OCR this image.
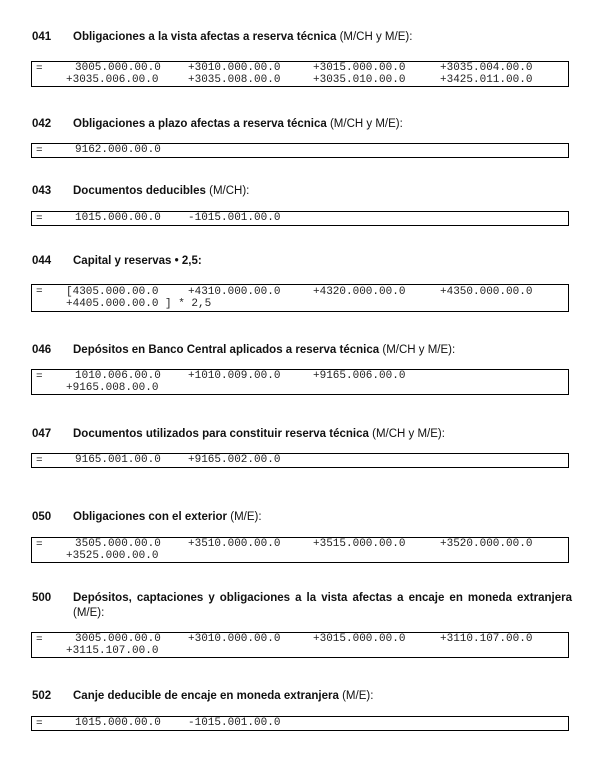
041 Obligaciones a la vista afectas a reserva técnica (M/CH y M/E):
=	3005.000.00.0 +3010.000.00.0	+3015.000.00.0	+3035.004.00.0
+3035.006.00.0	+3035.008.00.0	+3035.010.00.0	+3425.011.00.0
042 Obligaciones a plazo afectas a reserva técnica (M/CH y M/E):
=	9162.000.00.0
043 Documentos deducibles (M/CH):
=	1015.000.00.0 -1015.001.00.0
044 Capital y reservas • 2,5:
= [4305.000.00.0	+4310.000.00.0	+4320.000.00.0	+4350.000.00.0
+4405.000.00.0 ] * 2,5
046 Depósitos en Banco Central aplicados a reserva técnica (M/CH y M/E):
=	1010.006.00.0 +1010.009.00.0	+9165.006.00.0
+9165.008.00.0
047 Documentos utilizados para constituir reserva técnica (M/CH y M/E):
=	9165.001.00.0 +9165.002.00.0
050 Obligaciones con el exterior (M/E):
=	3505.000.00.0 +3510.000.00.0	+3515.000.00.0	+3520.000.00.0
+3525.000.00.0
500 Depósitos, captaciones y obligaciones a la vista afectas a encaje en moneda extranjera (M/E):
=	3005.000.00.0 +3010.000.00.0	+3015.000.00.0	+3110.107.00.0
+3115.107.00.0
502 Canje deducible de encaje en moneda extranjera (M/E):
=	1015.000.00.0 -1015.001.00.0
